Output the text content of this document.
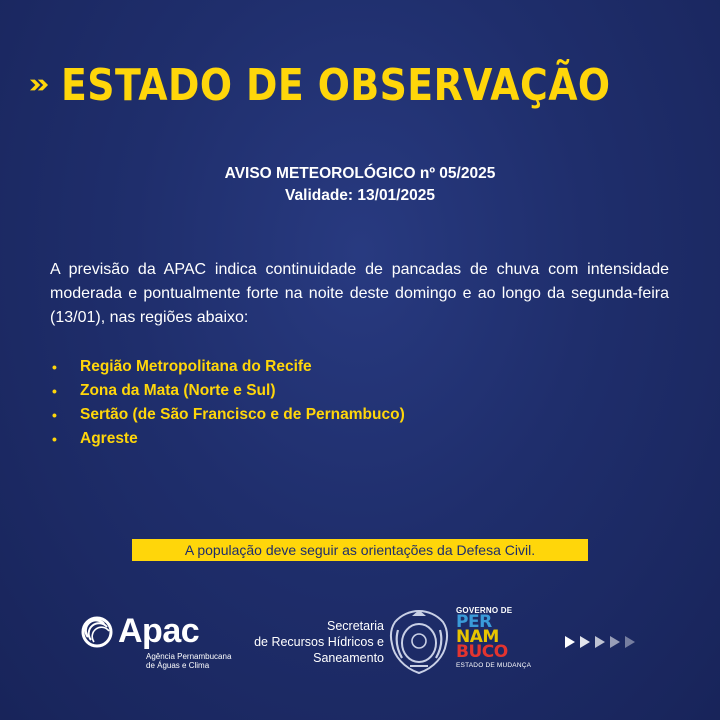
ESTADO DE OBSERVAÇÃO
AVISO METEOROLÓGICO nº 05/2025
Validade: 13/01/2025

A previsão da APAC indica continuidade de pancadas de chuva com intensidade moderada e pontualmente forte na noite deste domingo e ao longo da segunda-feira (13/01), nas regiões abaixo:

•	Região Metropolitana do Recife
•	Zona da Mata (Norte e Sul)
•	Sertão (de São Francisco e de Pernambuco)
•	Agreste
A população deve seguir as orientações da Defesa Civil.
Apac
Agência Pernambucana
de Águas e Clima
Secretaria
de Recursos Hídricos e
Saneamento
GOVERNO DE
PER
NAM
BUCO
ESTADO DE MUDANÇA
